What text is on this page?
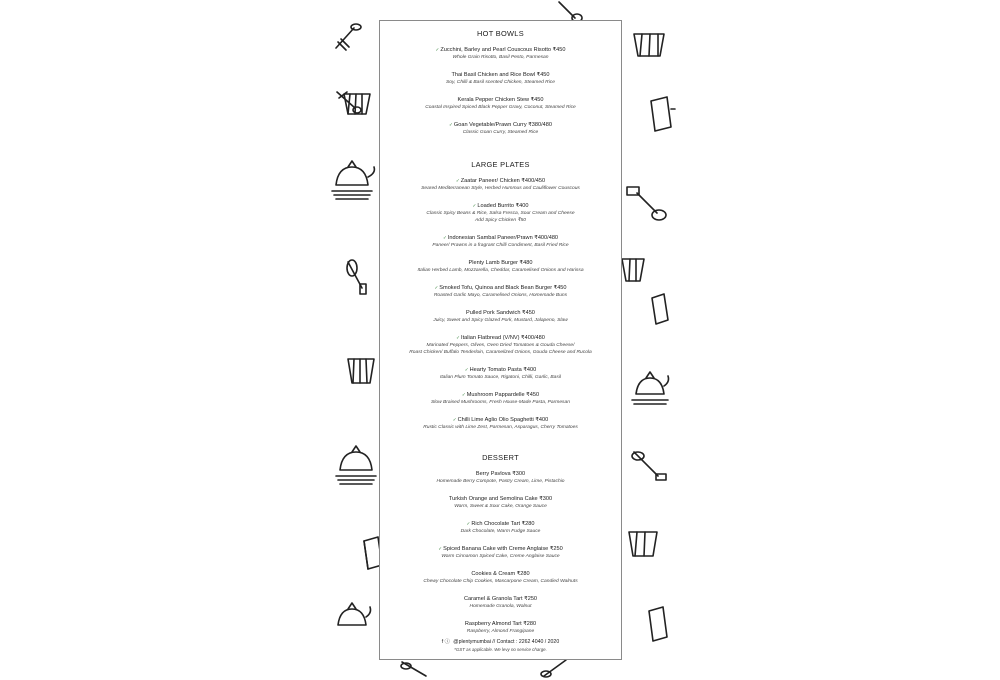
HOT BOWLS
✓Zucchini, Barley and Pearl Couscous Risotto ₹450
Whole Grain Risotto, Basil Pesto, Parmesan
Thai Basil Chicken and Rice Bowl ₹450
Soy, Chilli & Basil scented Chicken, Steamed Rice
Kerala Pepper Chicken Stew ₹450
Coastal Inspired Spiced Black Pepper Gravy, Coconut, Steamed Rice
✓Goan Vegetable/Prawn Curry ₹380/480
Classic Goan Curry, Steamed Rice
LARGE PLATES
✓Zaatar Paneer/ Chicken ₹400/450
Seared Mediterranean Style, Herbed Hummus and Cauliflower Couscous
✓Loaded Burrito ₹400
Classic Spicy Beans & Rice, Salsa Fresca, Sour Cream and Cheese
Add Spicy Chicken ₹50
✓Indonesian Sambal Paneer/Prawn ₹400/480
Paneer/ Prawns in a fragrant Chilli Condiment, Basil Fried Rice
Plenty Lamb Burger ₹480
Italian Herbed Lamb, Mozzarella, Cheddar, Caramelised Onions and Harissa
✓Smoked Tofu, Quinoa and Black Bean Burger ₹450
Roasted Garlic Mayo, Caramelised Onions, Homemade Buns
Pulled Pork Sandwich ₹450
Juicy, Sweet and Spicy Glazed Pork, Mustard, Jalapeno, Slaw
✓Italian Flatbread (V/NV) ₹400/480
Marinated Peppers, Olives, Oven Dried Tomatoes & Gouda Cheese/
Roast Chicken/ Buffalo Tenderloin, Caramelized Onions, Gouda Cheese and Rucola
✓Hearty Tomato Pasta ₹400
Italian Plum Tomato Sauce, Rigatoni, Chilli, Garlic, Basil
✓Mushroom Pappardelle ₹450
Slow Braised Mushrooms, Fresh House-Made Pasta, Parmesan
✓Chilli Lime Aglio Olio Spaghetti ₹400
Rustic Classic with Lime Zest, Parmesan, Asparagus, Cherry Tomatoes
DESSERT
Berry Pavlova ₹300
Homemade Berry Compote, Pastry Cream, Lime, Pistachio
Turkish Orange and Semolina Cake ₹300
Warm, Sweet & Sour Cake, Orange Sauce
✓Rich Chocolate Tart ₹280
Dark Chocolate, Warm Fudge Sauce
✓Spiced Banana Cake with Creme Anglaise ₹250
Warm Cinnamon Spiced Cake, Creme Anglaise Sauce
Cookies & Cream ₹280
Chewy Chocolate Chip Cookies, Mascarpone Cream, Candied Walnuts
Caramel & Granola Tart ₹250
Homemade Granola, Walnut
Raspberry Almond Tart ₹280
Raspberry, Almond Frangipane
f ⓘ @plentymumbai // Contact : 2262 4040 / 2020
*GST as applicable. We levy no service charge.
